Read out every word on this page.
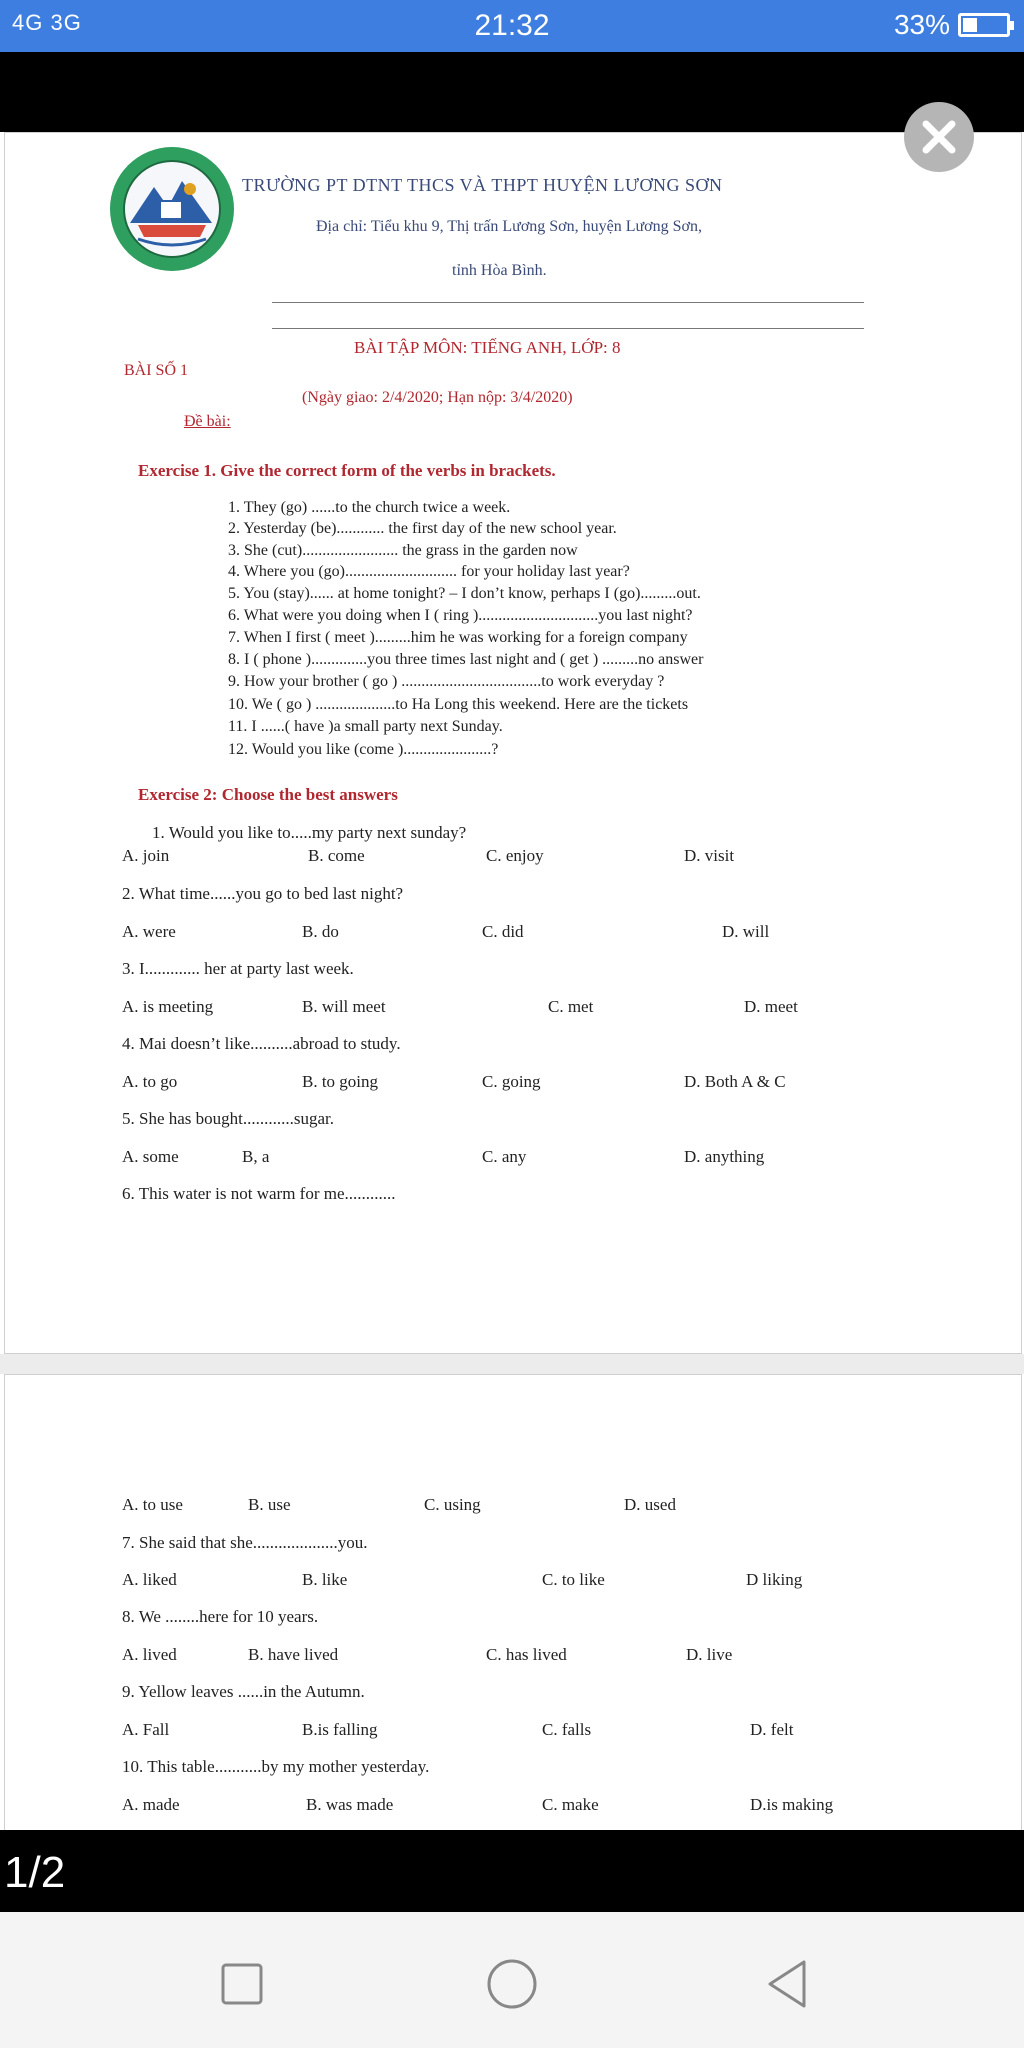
4G 3G	21:32	33%
TRƯỜNG PT DTNT THCS VÀ THPT HUYỆN LƯƠNG SƠN
Địa chỉ: Tiểu khu 9, Thị trấn Lương Sơn, huyện Lương Sơn,
tỉnh Hòa Bình.
BÀI TẬP MÔN: TIẾNG ANH, LỚP: 8
BÀI SỐ 1
(Ngày giao: 2/4/2020; Hạn nộp: 3/4/2020)
Đề bài:
Exercise 1. Give the correct form of the verbs in brackets.
1. They (go) ......to the church twice a week.
2. Yesterday (be)............ the first day of the new school year.
3. She (cut)........................ the grass in the garden now
4. Where you (go)............................ for your holiday last year?
5. You (stay)...... at home tonight? – I don’t know, perhaps I (go).........out.
6. What were you doing when I ( ring )..............................you last night?
7. When I first ( meet ).........him he was working for a foreign company
8. I ( phone )..............you three times last night and ( get ) .........no answer
9. How your brother ( go ) ...................................to work everyday ?
10. We ( go ) ....................to Ha Long this weekend. Here are the tickets
11. I ......( have )a small party next Sunday.
12. Would you like (come )......................?
Exercise 2: Choose the best answers
1. Would you like to.....my party next sunday?
A. join	B. come	C. enjoy	D. visit
2. What time......you go to bed last night?
A. were	B. do	C. did	D. will
3. I............. her at party last week.
A. is meeting	B. will meet	C. met	D. meet
4. Mai doesn’t like..........abroad to study.
A. to go	B. to going	C. going	D. Both A & C
5. She has bought............sugar.
A. some	B, a	C. any	D. anything
6. This water is not warm for me............
A. to use	B. use	C. using	D. used
7. She said that she....................you.
A. liked	B. like	C. to like	D liking
8. We ........here for 10 years.
A. lived	B. have lived	C. has lived	D. live
9. Yellow leaves ......in the Autumn.
A. Fall	B.is falling	C. falls	D. felt
10. This table...........by my mother yesterday.
A. made	B. was made	C. make	D.is making
1/2
